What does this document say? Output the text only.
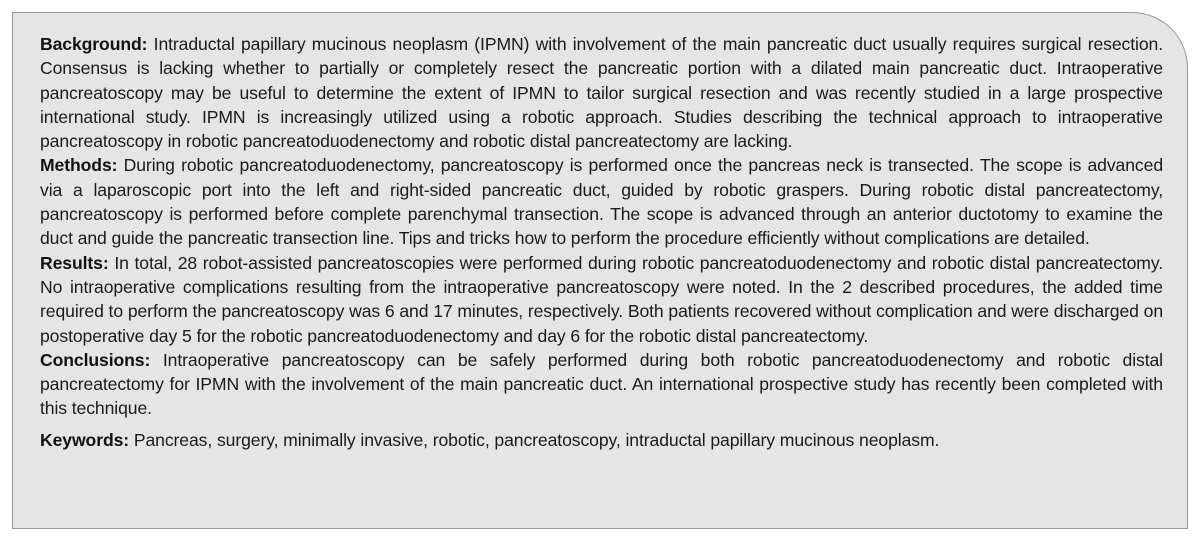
Background: Intraductal papillary mucinous neoplasm (IPMN) with involvement of the main pancreatic duct usually requires surgical resection. Consensus is lacking whether to partially or completely resect the pancreatic portion with a dilated main pancreatic duct. Intraoperative pancreatoscopy may be useful to determine the extent of IPMN to tailor surgical resection and was recently studied in a large prospective international study. IPMN is increasingly utilized using a robotic approach. Studies describing the technical approach to intraoperative pancreatoscopy in robotic pancreatoduodenectomy and robotic distal pancreatectomy are lacking.

Methods: During robotic pancreatoduodenectomy, pancreatoscopy is performed once the pancreas neck is transected. The scope is advanced via a laparoscopic port into the left and right-sided pancreatic duct, guided by robotic graspers. During robotic distal pancreatectomy, pancreatoscopy is performed before complete parenchymal transection. The scope is advanced through an anterior ductotomy to examine the duct and guide the pancreatic transection line. Tips and tricks how to perform the procedure efficiently without complications are detailed.

Results: In total, 28 robot-assisted pancreatoscopies were performed during robotic pancreatoduodenectomy and robotic distal pancreatectomy. No intraoperative complications resulting from the intraoperative pancreatoscopy were noted. In the 2 described procedures, the added time required to perform the pancreatoscopy was 6 and 17 minutes, respectively. Both patients recovered without complication and were discharged on postoperative day 5 for the robotic pancreatoduodenectomy and day 6 for the robotic distal pancreatectomy.

Conclusions: Intraoperative pancreatoscopy can be safely performed during both robotic pancreatoduodenectomy and robotic distal pancreatectomy for IPMN with the involvement of the main pancreatic duct. An international prospective study has recently been completed with this technique.

Keywords: Pancreas, surgery, minimally invasive, robotic, pancreatoscopy, intraductal papillary mucinous neoplasm.
